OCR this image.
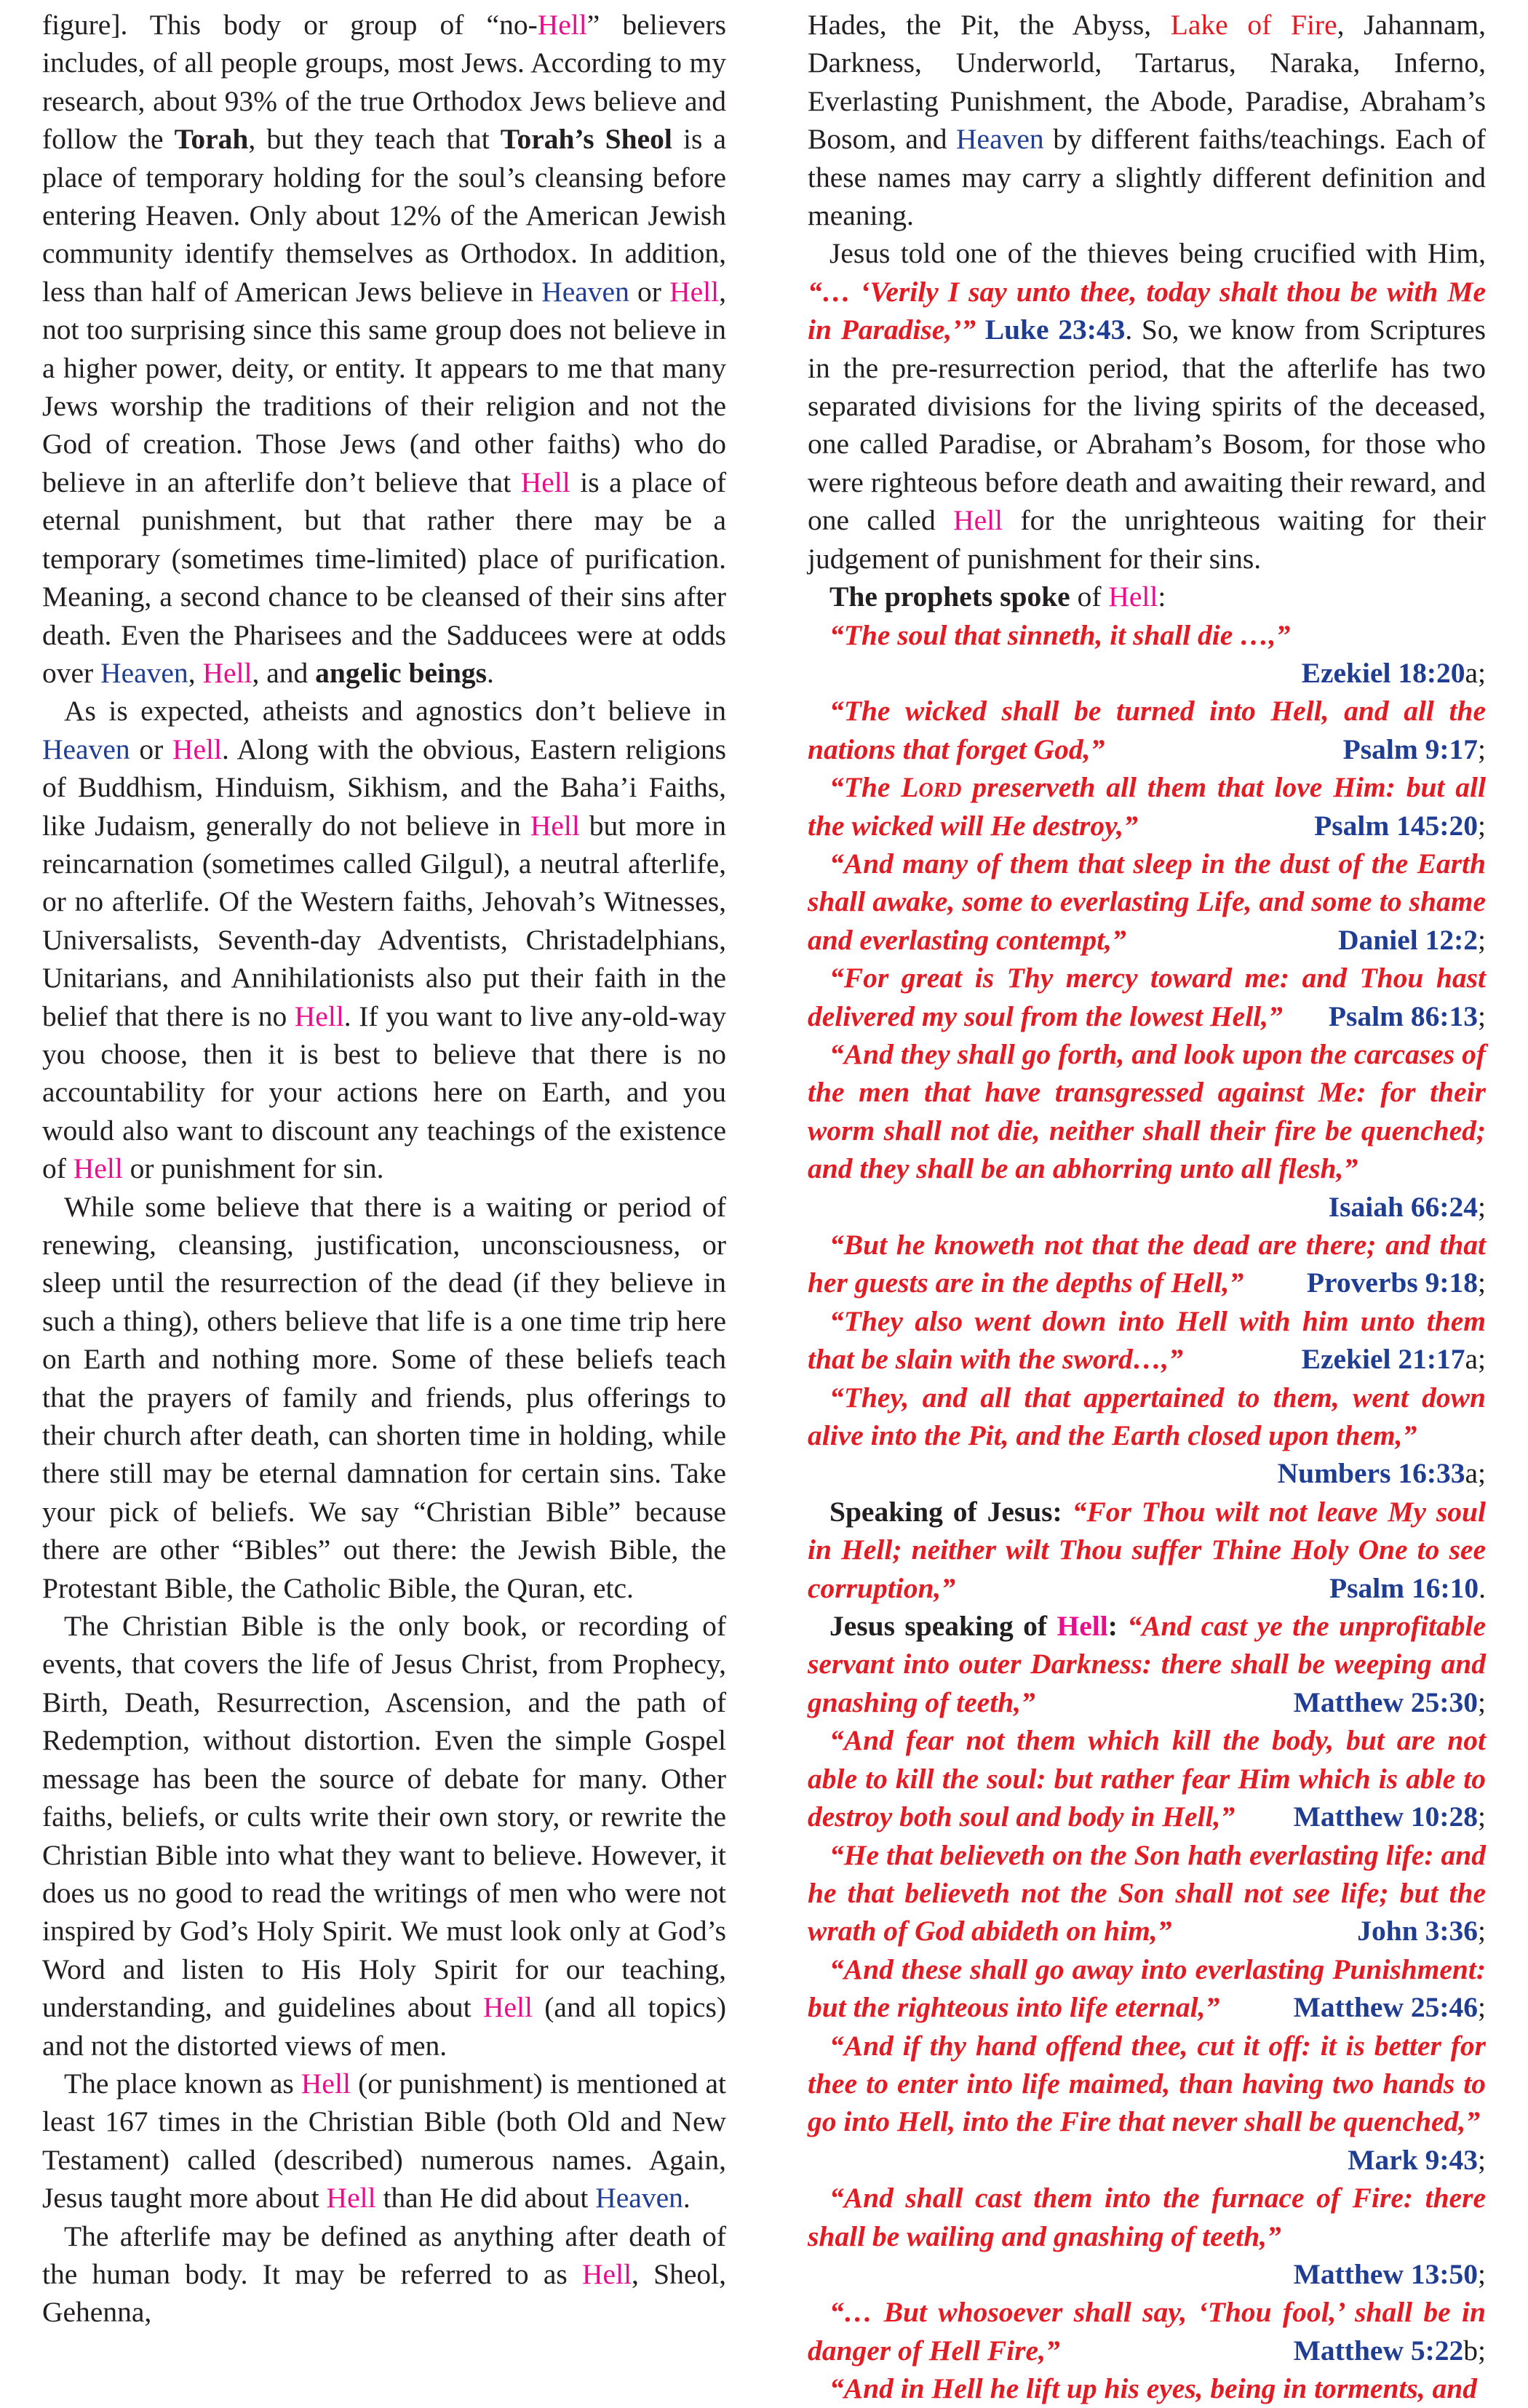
figure]. This body or group of “no-Hell” believers includes, of all people groups, most Jews. According to my research, about 93% of the true Orthodox Jews believe and follow the Torah, but they teach that Torah’s Sheol is a place of temporary holding for the soul’s cleansing before entering Heaven. Only about 12% of the American Jewish community identify themselves as Orthodox. In addition, less than half of American Jews believe in Heaven or Hell, not too surprising since this same group does not believe in a higher power, deity, or entity. It appears to me that many Jews worship the traditions of their religion and not the God of creation. Those Jews (and other faiths) who do believe in an afterlife don’t believe that Hell is a place of eternal punishment, but that rather there may be a temporary (sometimes time-limited) place of purification. Meaning, a second chance to be cleansed of their sins after death. Even the Pharisees and the Sadducees were at odds over Heaven, Hell, and angelic beings.

As is expected, atheists and agnostics don’t believe in Heaven or Hell. Along with the obvious, Eastern religions of Buddhism, Hinduism, Sikhism, and the Baha’i Faiths, like Judaism, generally do not believe in Hell but more in reincarnation (sometimes called Gilgul), a neutral afterlife, or no afterlife. Of the Western faiths, Jehovah’s Witnesses, Universalists, Seventh-day Adventists, Christadelphians, Unitarians, and Annihilationists also put their faith in the belief that there is no Hell. If you want to live any-old-way you choose, then it is best to believe that there is no accountability for your actions here on Earth, and you would also want to discount any teachings of the existence of Hell or punishment for sin.

While some believe that there is a waiting or period of renewing, cleansing, justification, unconsciousness, or sleep until the resurrection of the dead (if they believe in such a thing), others believe that life is a one time trip here on Earth and nothing more. Some of these beliefs teach that the prayers of family and friends, plus offerings to their church after death, can shorten time in holding, while there still may be eternal damnation for certain sins. Take your pick of beliefs. We say “Christian Bible” because there are other “Bibles” out there: the Jewish Bible, the Protestant Bible, the Catholic Bible, the Quran, etc.

The Christian Bible is the only book, or recording of events, that covers the life of Jesus Christ, from Prophecy, Birth, Death, Resurrection, Ascension, and the path of Redemption, without distortion. Even the simple Gospel message has been the source of debate for many. Other faiths, beliefs, or cults write their own story, or rewrite the Christian Bible into what they want to believe. However, it does us no good to read the writings of men who were not inspired by God’s Holy Spirit. We must look only at God’s Word and listen to His Holy Spirit for our teaching, understanding, and guidelines about Hell (and all topics) and not the distorted views of men.

The place known as Hell (or punishment) is mentioned at least 167 times in the Christian Bible (both Old and New Testament) called (described) numerous names. Again, Jesus taught more about Hell than He did about Heaven.

The afterlife may be defined as anything after death of the human body. It may be referred to as Hell, Sheol, Gehenna,

Hades, the Pit, the Abyss, Lake of Fire, Jahannam, Darkness, Underworld, Tartarus, Naraka, Inferno, Everlasting Punishment, the Abode, Paradise, Abraham’s Bosom, and Heaven by different faiths/teachings. Each of these names may carry a slightly different definition and meaning.

Jesus told one of the thieves being crucified with Him, “… ‘Verily I say unto thee, today shalt thou be with Me in Paradise,’” Luke 23:43. So, we know from Scriptures in the pre-resurrection period, that the afterlife has two separated divisions for the living spirits of the deceased, one called Paradise, or Abraham’s Bosom, for those who were righteous before death and awaiting their reward, and one called Hell for the unrighteous waiting for their judgement of punishment for their sins.

The prophets spoke of Hell:

“The soul that sinneth, it shall die …,”
Ezekiel 18:20a;

“The wicked shall be turned into Hell, and all the nations that forget God,”	Psalm 9:17;

“The Lord preserveth all them that love Him: but all the wicked will He destroy,”	Psalm 145:20;

“And many of them that sleep in the dust of the Earth shall awake, some to everlasting Life, and some to shame and everlasting contempt,”	Daniel 12:2;

“For great is Thy mercy toward me: and Thou hast delivered my soul from the lowest Hell,”	Psalm 86:13;

“And they shall go forth, and look upon the carcases of the men that have transgressed against Me: for their worm shall not die, neither shall their fire be quenched; and they shall be an abhorring unto all flesh,”
Isaiah 66:24;

“But he knoweth not that the dead are there; and that her guests are in the depths of Hell,”	Proverbs 9:18;

“They also went down into Hell with him unto them that be slain with the sword…,”	Ezekiel 21:17a;

“They, and all that appertained to them, went down alive into the Pit, and the Earth closed upon them,”
Numbers 16:33a;

Speaking of Jesus: “For Thou wilt not leave My soul in Hell; neither wilt Thou suffer Thine Holy One to see corruption,”	Psalm 16:10.

Jesus speaking of Hell: “And cast ye the unprofitable servant into outer Darkness: there shall be weeping and gnashing of teeth,”	Matthew 25:30;

“And fear not them which kill the body, but are not able to kill the soul: but rather fear Him which is able to destroy both soul and body in Hell,”	Matthew 10:28;

“He that believeth on the Son hath everlasting life: and he that believeth not the Son shall not see life; but the wrath of God abideth on him,”	John 3:36;

“And these shall go away into everlasting Punishment: but the righteous into life eternal,”	Matthew 25:46;

“And if thy hand offend thee, cut it off: it is better for thee to enter into life maimed, than having two hands to go into Hell, into the Fire that never shall be quenched,”
Mark 9:43;

“And shall cast them into the furnace of Fire: there shall be wailing and gnashing of teeth,”
Matthew 13:50;

“… But whosoever shall say, ‘Thou fool,’ shall be in danger of Hell Fire,”	Matthew 5:22b;

“And in Hell he lift up his eyes, being in torments, and
